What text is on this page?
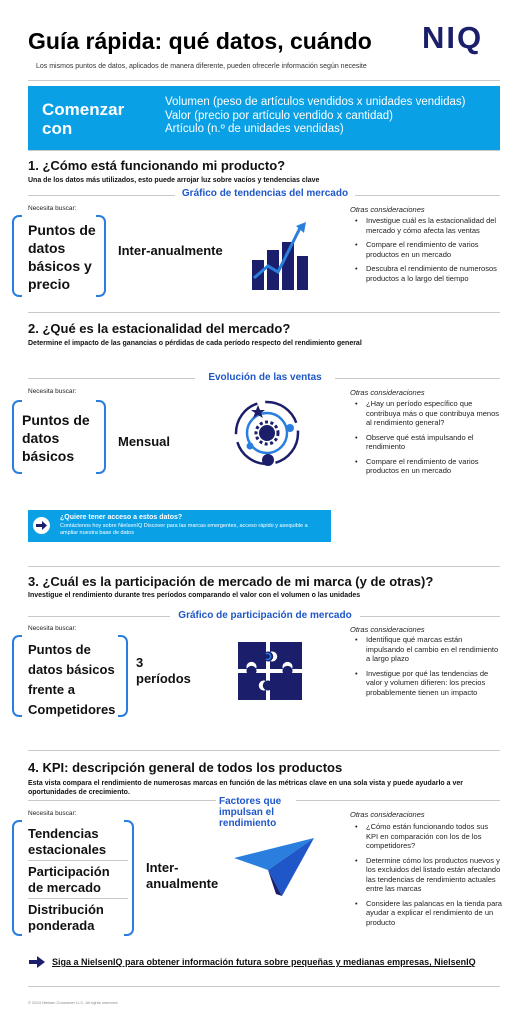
Guía rápida: qué datos, cuándo NIQ
Los mismos puntos de datos, aplicados de manera diferente, pueden ofrecerle información según necesite
Comenzar con
Volumen (peso de artículos vendidos x unidades vendidas)
Valor (precio por artículo vendido x cantidad)
Artículo (n.º de unidades vendidas)
1. ¿Cómo está funcionando mi producto?
Una de los datos más utilizados, esto puede arrojar luz sobre vacíos y tendencias clave
Gráfico de tendencias del mercado
Necesita buscar:	Otras consideraciones
Puntos de
datos
básicos y
precio
Inter-anualmente
• Investigue cuál es la estacionalidad del mercado y cómo afecta las ventas
• Compare el rendimiento de varios productos en un mercado
• Descubra el rendimiento de numerosos productos a lo largo del tiempo
2. ¿Qué es la estacionalidad del mercado?
Determine el impacto de las ganancias o pérdidas de cada período respecto del rendimiento general
Evolución de las ventas
Necesita buscar:	Otras consideraciones
Puntos de
datos
básicos
Mensual
• ¿Hay un período específico que contribuya más o que contribuya menos al rendimiento general?
• Observe qué está impulsando el rendimiento
• Compare el rendimiento de varios productos en un mercado
¿Quiere tener acceso a estos datos?
Contáctenos hoy sobre NielsenIQ Discover para las marcas emergentes, acceso rápido y asequible a ampliar nuestra base de datos
3. ¿Cuál es la participación de mercado de mi marca (y de otras)?
Investigue el rendimiento durante tres períodos comparando el valor con el volumen o las unidades
Gráfico de participación de mercado
Necesita buscar:	Otras consideraciones
Puntos de
datos básicos
frente a
Competidores
3
períodos
• Identifique qué marcas están impulsando el cambio en el rendimiento a largo plazo
• Investigue por qué las tendencias de valor y volumen difieren: los precios probablemente tienen un impacto
4. KPI: descripción general de todos los productos
Esta vista compara el rendimiento de numerosas marcas en función de las métricas clave en una sola vista y puede ayudarlo a ver oportunidades de crecimiento.
Factores que impulsan el rendimiento
Necesita buscar:	Otras consideraciones
Tendencias
estacionales
Participación
de mercado
Distribución
ponderada
Inter-
anualmente
• ¿Cómo están funcionando todos sus KPI en comparación con los de los competidores?
• Determine cómo los productos nuevos y los excluidos del listado están afectando las tendencias de rendimiento actuales entre las marcas
• Considere las palancas en la tienda para ayudar a explicar el rendimiento de un producto
Siga a NielsenIQ para obtener información futura sobre pequeñas y medianas empresas, NielsenIQ
© 2024 Nielsen Consumer LLC. All rights reserved.
